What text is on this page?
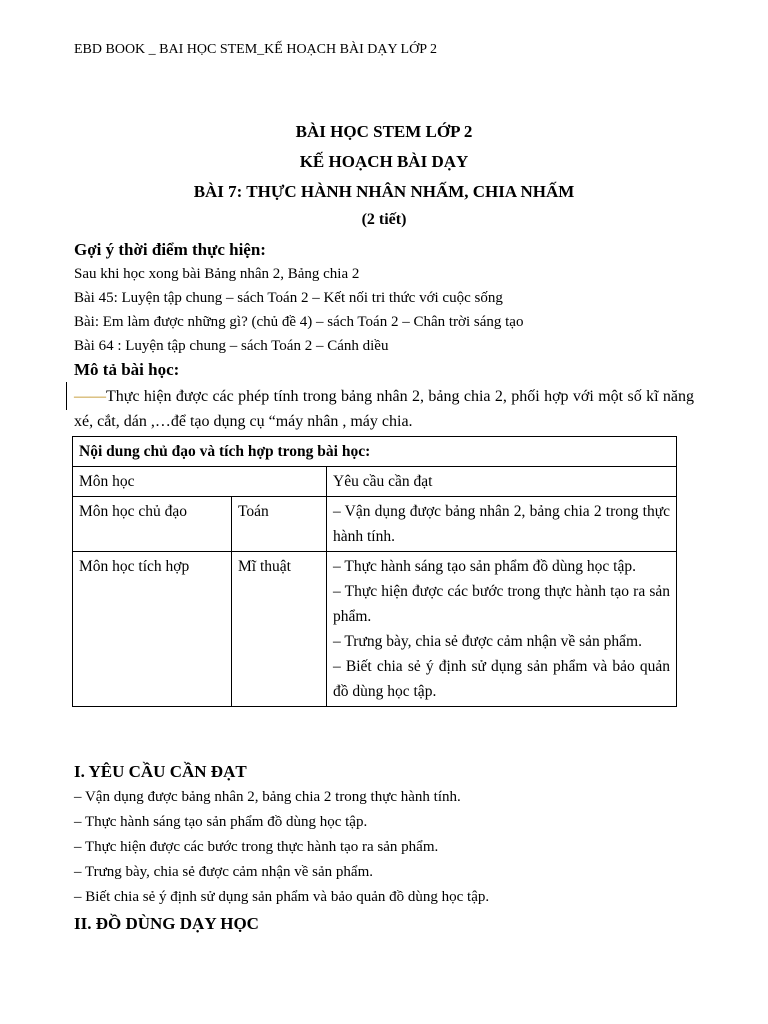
EBD BOOK _ BAI HỌC STEM_KẾ HOẠCH BÀI DẠY LỚP 2
BÀI HỌC STEM LỚP 2
KẾ HOẠCH BÀI DẠY
BÀI 7: THỰC HÀNH NHÂN NHẤM, CHIA NHẤM
(2 tiết)
Gợi ý thời điểm thực hiện:
Sau khi học xong bài Bảng nhân 2, Bảng chia 2
Bài 45: Luyện tập chung – sách Toán 2 – Kết nối tri thức với cuộc sống
Bài: Em làm được những gì? (chủ đề 4) – sách Toán 2 – Chân trời sáng tạo
Bài 64 : Luyện tập chung – sách Toán 2 – Cánh diều
Mô tả bài học:
——Thực hiện được các phép tính trong bảng nhân 2, bảng chia 2, phối hợp với một số kĩ năng xé, cắt, dán ,…để tạo dụng cụ “máy nhân , máy chia.
Nội dung chủ đạo và tích hợp trong bài học:		
Môn học		Yêu cầu cần đạt
Môn học chủ đạo	Toán	– Vận dụng được bảng nhân 2, bảng chia 2 trong thực hành tính.
Môn học tích hợp	Mĩ thuật	– Thực hành sáng tạo sản phẩm đồ dùng học tập.
– Thực hiện được các bước trong thực hành tạo ra sản phẩm.
– Trưng bày, chia sẻ được cảm nhận về sản phẩm.
– Biết chia sẻ ý định sử dụng sản phẩm và bảo quản đồ dùng học tập.
I. YÊU CẦU CẦN ĐẠT
– Vận dụng được bảng nhân 2, bảng chia 2 trong thực hành tính.
– Thực hành sáng tạo sản phẩm đồ dùng học tập.
– Thực hiện được các bước trong thực hành tạo ra sản phẩm.
– Trưng bày, chia sẻ được cảm nhận về sản phẩm.
– Biết chia sẻ ý định sử dụng sản phẩm và bảo quản đồ dùng học tập.
II. ĐỒ DÙNG DẠY HỌC
